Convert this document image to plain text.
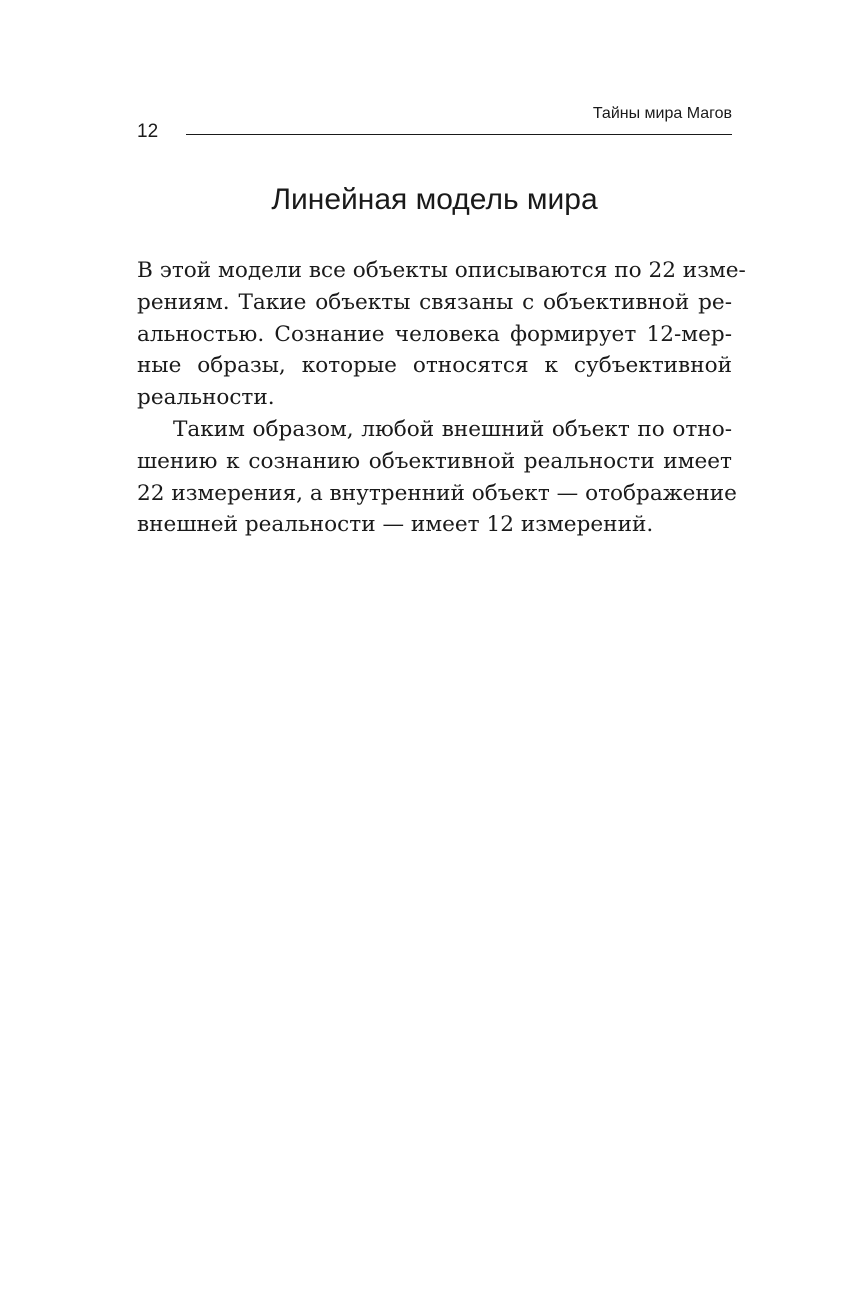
Тайны мира Магов
12
Линейная модель мира
В этой модели все объекты описываются по 22 изме-
рениям. Такие объекты связаны с объективной ре-
альностью. Сознание человека формирует 12-мер-
ные образы, которые относятся к субъективной
реальности.
Таким образом, любой внешний объект по отно-
шению к сознанию объективной реальности имеет
22 измерения, а внутренний объект — отображение
внешней реальности — имеет 12 измерений.
